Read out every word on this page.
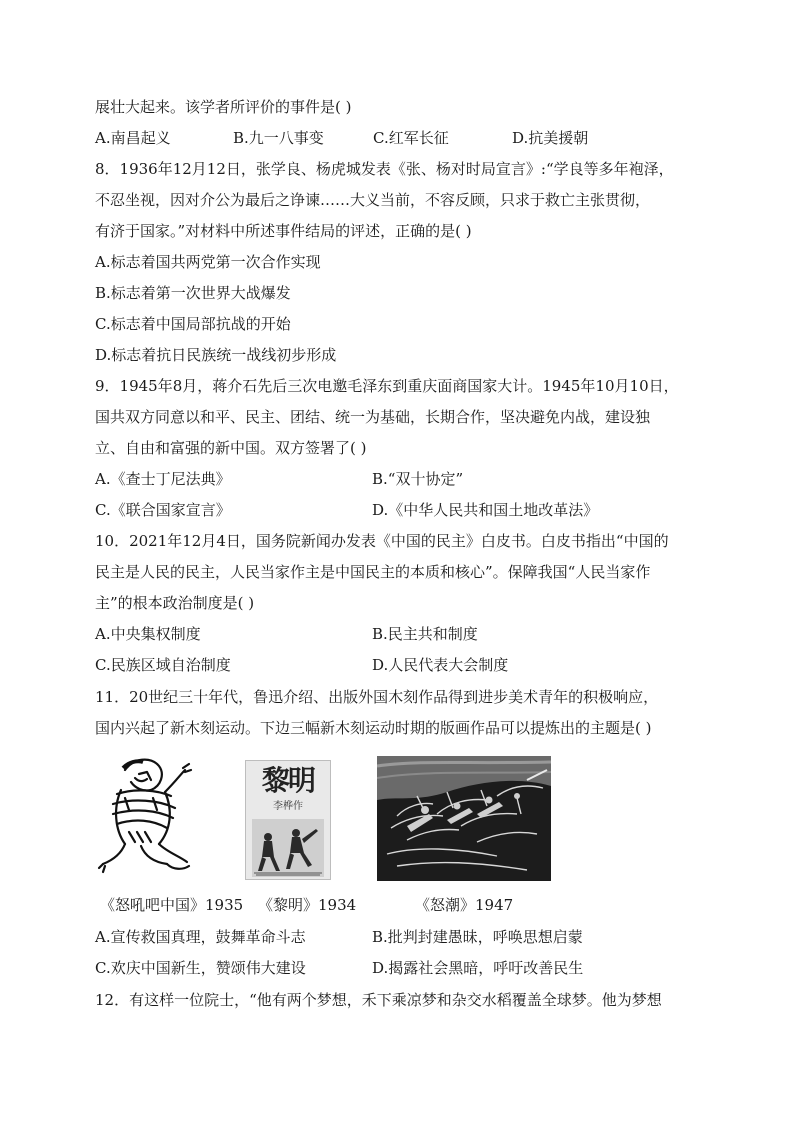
展壮大起来。该学者所评价的事件是( )
A.南昌起义	B.九一八事变	C.红军长征	D.抗美援朝
8．1936年12月12日，张学良、杨虎城发表《张、杨对时局宣言》:“学良等多年袍泽，
不忍坐视，因对介公为最后之诤谏……大义当前，不容反顾，只求于救亡主张贯彻，
有济于国家。”对材料中所述事件结局的评述，正确的是( )
A.标志着国共两党第一次合作实现
B.标志着第一次世界大战爆发
C.标志着中国局部抗战的开始
D.标志着抗日民族统一战线初步形成
9．1945年8月，蒋介石先后三次电邀毛泽东到重庆面商国家大计。1945年10月10日，
国共双方同意以和平、民主、团结、统一为基础，长期合作，坚决避免内战，建设独
立、自由和富强的新中国。双方签署了( )
A.《查士丁尼法典》	B.“双十协定”
C.《联合国家宣言》	D.《中华人民共和国土地改革法》
10．2021年12月4日，国务院新闻办发表《中国的民主》白皮书。白皮书指出“中国的
民主是人民的民主，人民当家作主是中国民主的本质和核心”。保障我国“人民当家作
主”的根本政治制度是( )
A.中央集权制度	B.民主共和制度
C.民族区域自治制度	D.人民代表大会制度
11．20世纪三十年代，鲁迅介绍、出版外国木刻作品得到进步美术青年的积极响应，
国内兴起了新木刻运动。下边三幅新木刻运动时期的版画作品可以提炼出的主题是( )
黎明
李桦作
《怒吼吧中国》1935 《黎明》1934	《怒潮》1947
A.宣传救国真理，鼓舞革命斗志	B.批判封建愚昧，呼唤思想启蒙
C.欢庆中国新生，赞颂伟大建设	D.揭露社会黑暗，呼吁改善民生
12．有这样一位院士，“他有两个梦想，禾下乘凉梦和杂交水稻覆盖全球梦。他为梦想
